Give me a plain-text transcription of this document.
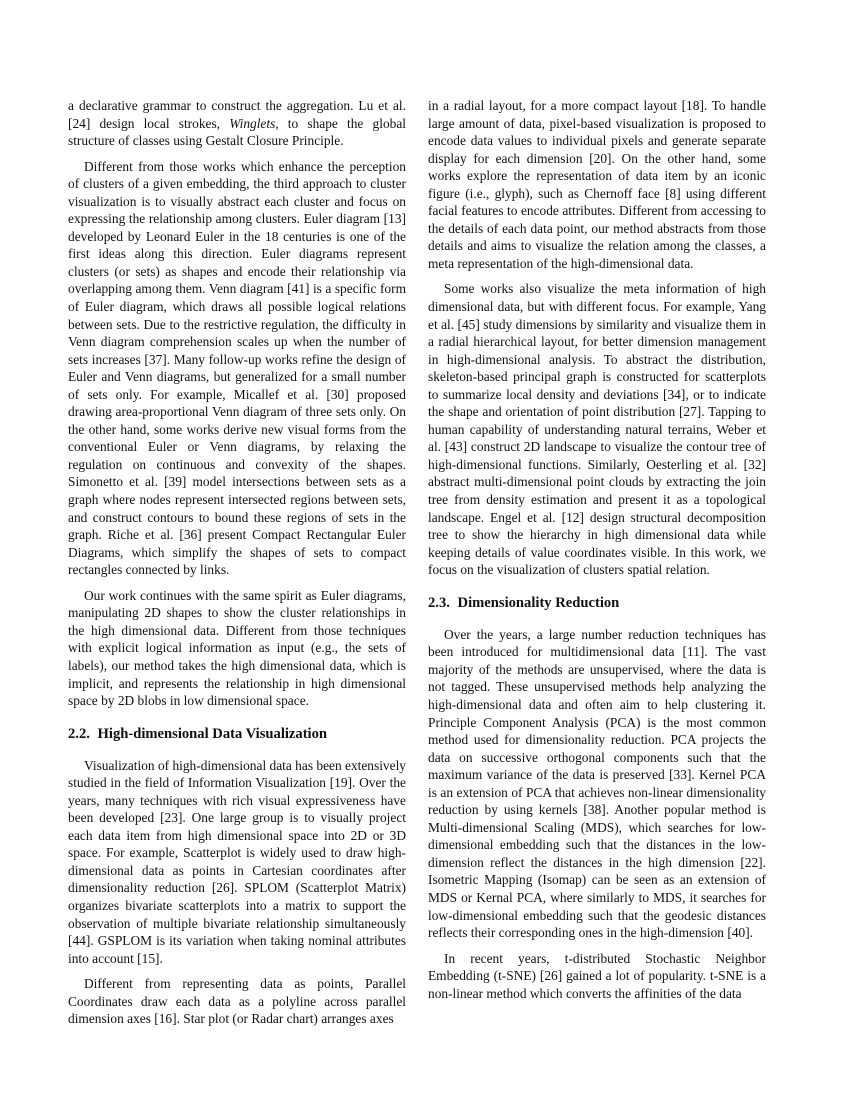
a declarative grammar to construct the aggregation. Lu et al. [24] design local strokes, Winglets, to shape the global structure of classes using Gestalt Closure Principle.

Different from those works which enhance the perception of clusters of a given embedding, the third approach to cluster visualization is to visually abstract each cluster and focus on expressing the relationship among clusters. Euler diagram [13] developed by Leonard Euler in the 18 centuries is one of the first ideas along this direction. Euler diagrams represent clusters (or sets) as shapes and encode their relationship via overlapping among them. Venn diagram [41] is a specific form of Euler diagram, which draws all possible logical relations between sets. Due to the restrictive regulation, the difficulty in Venn diagram comprehension scales up when the number of sets increases [37]. Many follow-up works refine the design of Euler and Venn diagrams, but generalized for a small number of sets only. For example, Micallef et al. [30] proposed drawing area-proportional Venn diagram of three sets only. On the other hand, some works derive new visual forms from the conventional Euler or Venn diagrams, by relaxing the regulation on continuous and convexity of the shapes. Simonetto et al. [39] model intersections between sets as a graph where nodes represent intersected regions between sets, and construct contours to bound these regions of sets in the graph. Riche et al. [36] present Compact Rectangular Euler Diagrams, which simplify the shapes of sets to compact rectangles connected by links.

Our work continues with the same spirit as Euler diagrams, manipulating 2D shapes to show the cluster relationships in the high dimensional data. Different from those techniques with explicit logical information as input (e.g., the sets of labels), our method takes the high dimensional data, which is implicit, and represents the relationship in high dimensional space by 2D blobs in low dimensional space.

2.2. High-dimensional Data Visualization

Visualization of high-dimensional data has been extensively studied in the field of Information Visualization [19]. Over the years, many techniques with rich visual expressiveness have been developed [23]. One large group is to visually project each data item from high dimensional space into 2D or 3D space. For example, Scatterplot is widely used to draw high-dimensional data as points in Cartesian coordinates after dimensionality reduction [26]. SPLOM (Scatterplot Matrix) organizes bivariate scatterplots into a matrix to support the observation of multiple bivariate relationship simultaneously [44]. GSPLOM is its variation when taking nominal attributes into account [15].

Different from representing data as points, Parallel Coordinates draw each data as a polyline across parallel dimension axes [16]. Star plot (or Radar chart) arranges axes

in a radial layout, for a more compact layout [18]. To handle large amount of data, pixel-based visualization is proposed to encode data values to individual pixels and generate separate display for each dimension [20]. On the other hand, some works explore the representation of data item by an iconic figure (i.e., glyph), such as Chernoff face [8] using different facial features to encode attributes. Different from accessing to the details of each data point, our method abstracts from those details and aims to visualize the relation among the classes, a meta representation of the high-dimensional data.

Some works also visualize the meta information of high dimensional data, but with different focus. For example, Yang et al. [45] study dimensions by similarity and visualize them in a radial hierarchical layout, for better dimension management in high-dimensional analysis. To abstract the distribution, skeleton-based principal graph is constructed for scatterplots to summarize local density and deviations [34], or to indicate the shape and orientation of point distribution [27]. Tapping to human capability of understanding natural terrains, Weber et al. [43] construct 2D landscape to visualize the contour tree of high-dimensional functions. Similarly, Oesterling et al. [32] abstract multi-dimensional point clouds by extracting the join tree from density estimation and present it as a topological landscape. Engel et al. [12] design structural decomposition tree to show the hierarchy in high dimensional data while keeping details of value coordinates visible. In this work, we focus on the visualization of clusters spatial relation.

2.3. Dimensionality Reduction

Over the years, a large number reduction techniques has been introduced for multidimensional data [11]. The vast majority of the methods are unsupervised, where the data is not tagged. These unsupervised methods help analyzing the high-dimensional data and often aim to help clustering it. Principle Component Analysis (PCA) is the most common method used for dimensionality reduction. PCA projects the data on successive orthogonal components such that the maximum variance of the data is preserved [33]. Kernel PCA is an extension of PCA that achieves non-linear dimensionality reduction by using kernels [38]. Another popular method is Multi-dimensional Scaling (MDS), which searches for low-dimensional embedding such that the distances in the low-dimension reflect the distances in the high dimension [22]. Isometric Mapping (Isomap) can be seen as an extension of MDS or Kernal PCA, where similarly to MDS, it searches for low-dimensional embedding such that the geodesic distances reflects their corresponding ones in the high-dimension [40].

In recent years, t-distributed Stochastic Neighbor Embedding (t-SNE) [26] gained a lot of popularity. t-SNE is a non-linear method which converts the affinities of the data
